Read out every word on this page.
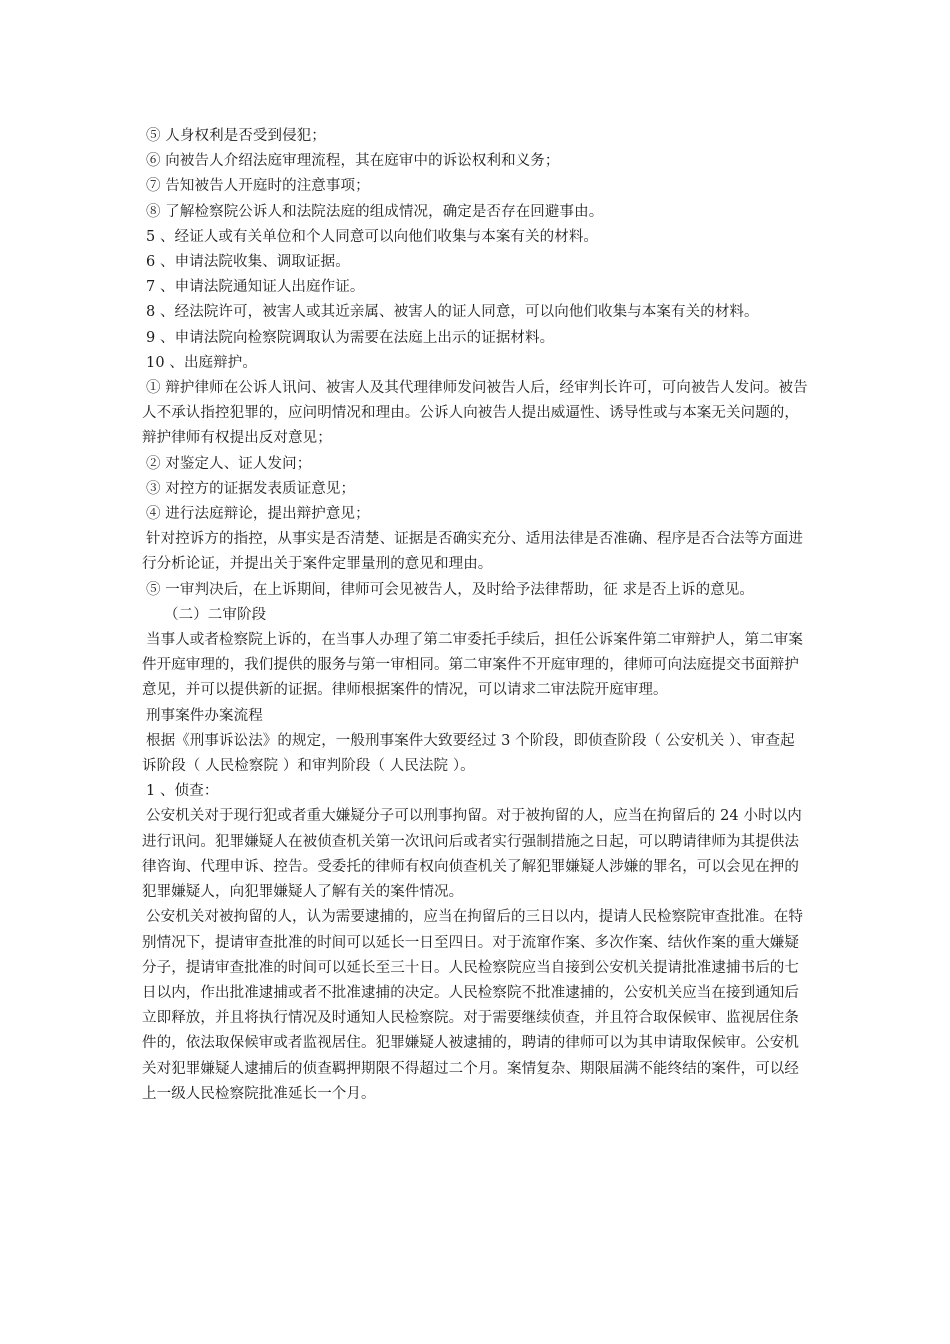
⑤ 人身权利是否受到侵犯；

⑥ 向被告人介绍法庭审理流程，其在庭审中的诉讼权利和义务；

⑦ 告知被告人开庭时的注意事项；

⑧ 了解检察院公诉人和法院法庭的组成情况，确定是否存在回避事由。

5 、经证人或有关单位和个人同意可以向他们收集与本案有关的材料。

6 、申请法院收集、调取证据。

7 、申请法院通知证人出庭作证。

8 、经法院许可，被害人或其近亲属、被害人的证人同意，可以向他们收集与本案有关的材料。

9 、申请法院向检察院调取认为需要在法庭上出示的证据材料。

10 、出庭辩护。

① 辩护律师在公诉人讯问、被害人及其代理律师发问被告人后，经审判长许可，可向被告人发问。被告人不承认指控犯罪的，应问明情况和理由。公诉人向被告人提出威逼性、诱导性或与本案无关问题的，辩护律师有权提出反对意见；

② 对鉴定人、证人发问；

③ 对控方的证据发表质证意见；

④ 进行法庭辩论，提出辩护意见；

针对控诉方的指控，从事实是否清楚、证据是否确实充分、适用法律是否准确、程序是否合法等方面进行分析论证，并提出关于案件定罪量刑的意见和理由。

⑤ 一审判决后，在上诉期间，律师可会见被告人，及时给予法律帮助，征 求是否上诉的意见。

（二）二审阶段

当事人或者检察院上诉的，在当事人办理了第二审委托手续后，担任公诉案件第二审辩护人，第二审案件开庭审理的，我们提供的服务与第一审相同。第二审案件不开庭审理的，律师可向法庭提交书面辩护意见，并可以提供新的证据。律师根据案件的情况，可以请求二审法院开庭审理。

刑事案件办案流程

根据《刑事诉讼法》的规定，一般刑事案件大致要经过 3 个阶段，即侦查阶段（ 公安机关 ）、审查起诉阶段（ 人民检察院 ）和审判阶段（ 人民法院 ）。

1 、侦查：

公安机关对于现行犯或者重大嫌疑分子可以刑事拘留。对于被拘留的人，应当在拘留后的 24 小时以内进行讯问。犯罪嫌疑人在被侦查机关第一次讯问后或者实行强制措施之日起，可以聘请律师为其提供法律咨询、代理申诉、控告。受委托的律师有权向侦查机关了解犯罪嫌疑人涉嫌的罪名，可以会见在押的犯罪嫌疑人，向犯罪嫌疑人了解有关的案件情况。

公安机关对被拘留的人，认为需要逮捕的，应当在拘留后的三日以内，提请人民检察院审查批准。在特别情况下，提请审查批准的时间可以延长一日至四日。对于流窜作案、多次作案、结伙作案的重大嫌疑分子，提请审查批准的时间可以延长至三十日。人民检察院应当自接到公安机关提请批准逮捕书后的七日以内，作出批准逮捕或者不批准逮捕的决定。人民检察院不批准逮捕的，公安机关应当在接到通知后立即释放，并且将执行情况及时通知人民检察院。对于需要继续侦查，并且符合取保候审、监视居住条件的，依法取保候审或者监视居住。犯罪嫌疑人被逮捕的，聘请的律师可以为其申请取保候审。公安机关对犯罪嫌疑人逮捕后的侦查羁押期限不得超过二个月。案情复杂、期限届满不能终结的案件，可以经上一级人民检察院批准延长一个月。
